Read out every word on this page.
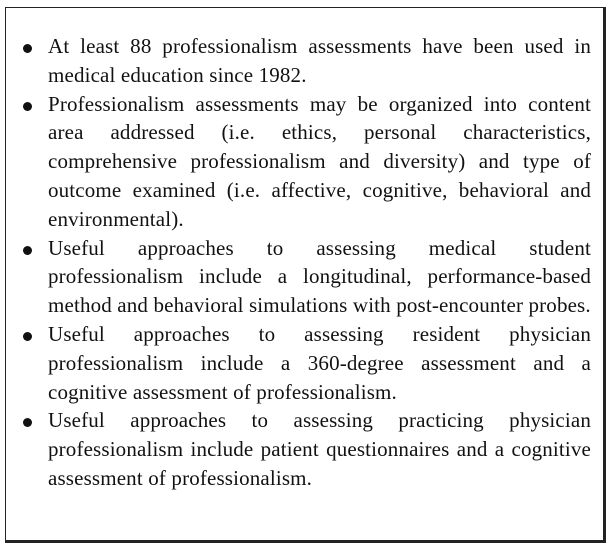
At least 88 professionalism assessments have been used in medical education since 1982.
Professionalism assessments may be organized into content area addressed (i.e. ethics, personal characteristics, comprehensive professionalism and diversity) and type of outcome examined (i.e. affective, cognitive, behavioral and environmental).
Useful approaches to assessing medical student professionalism include a longitudinal, performance-based method and behavioral simulations with post-encounter probes.
Useful approaches to assessing resident physician professionalism include a 360-degree assessment and a cognitive assessment of professionalism.
Useful approaches to assessing practicing physician professionalism include patient questionnaires and a cognitive assessment of professionalism.
